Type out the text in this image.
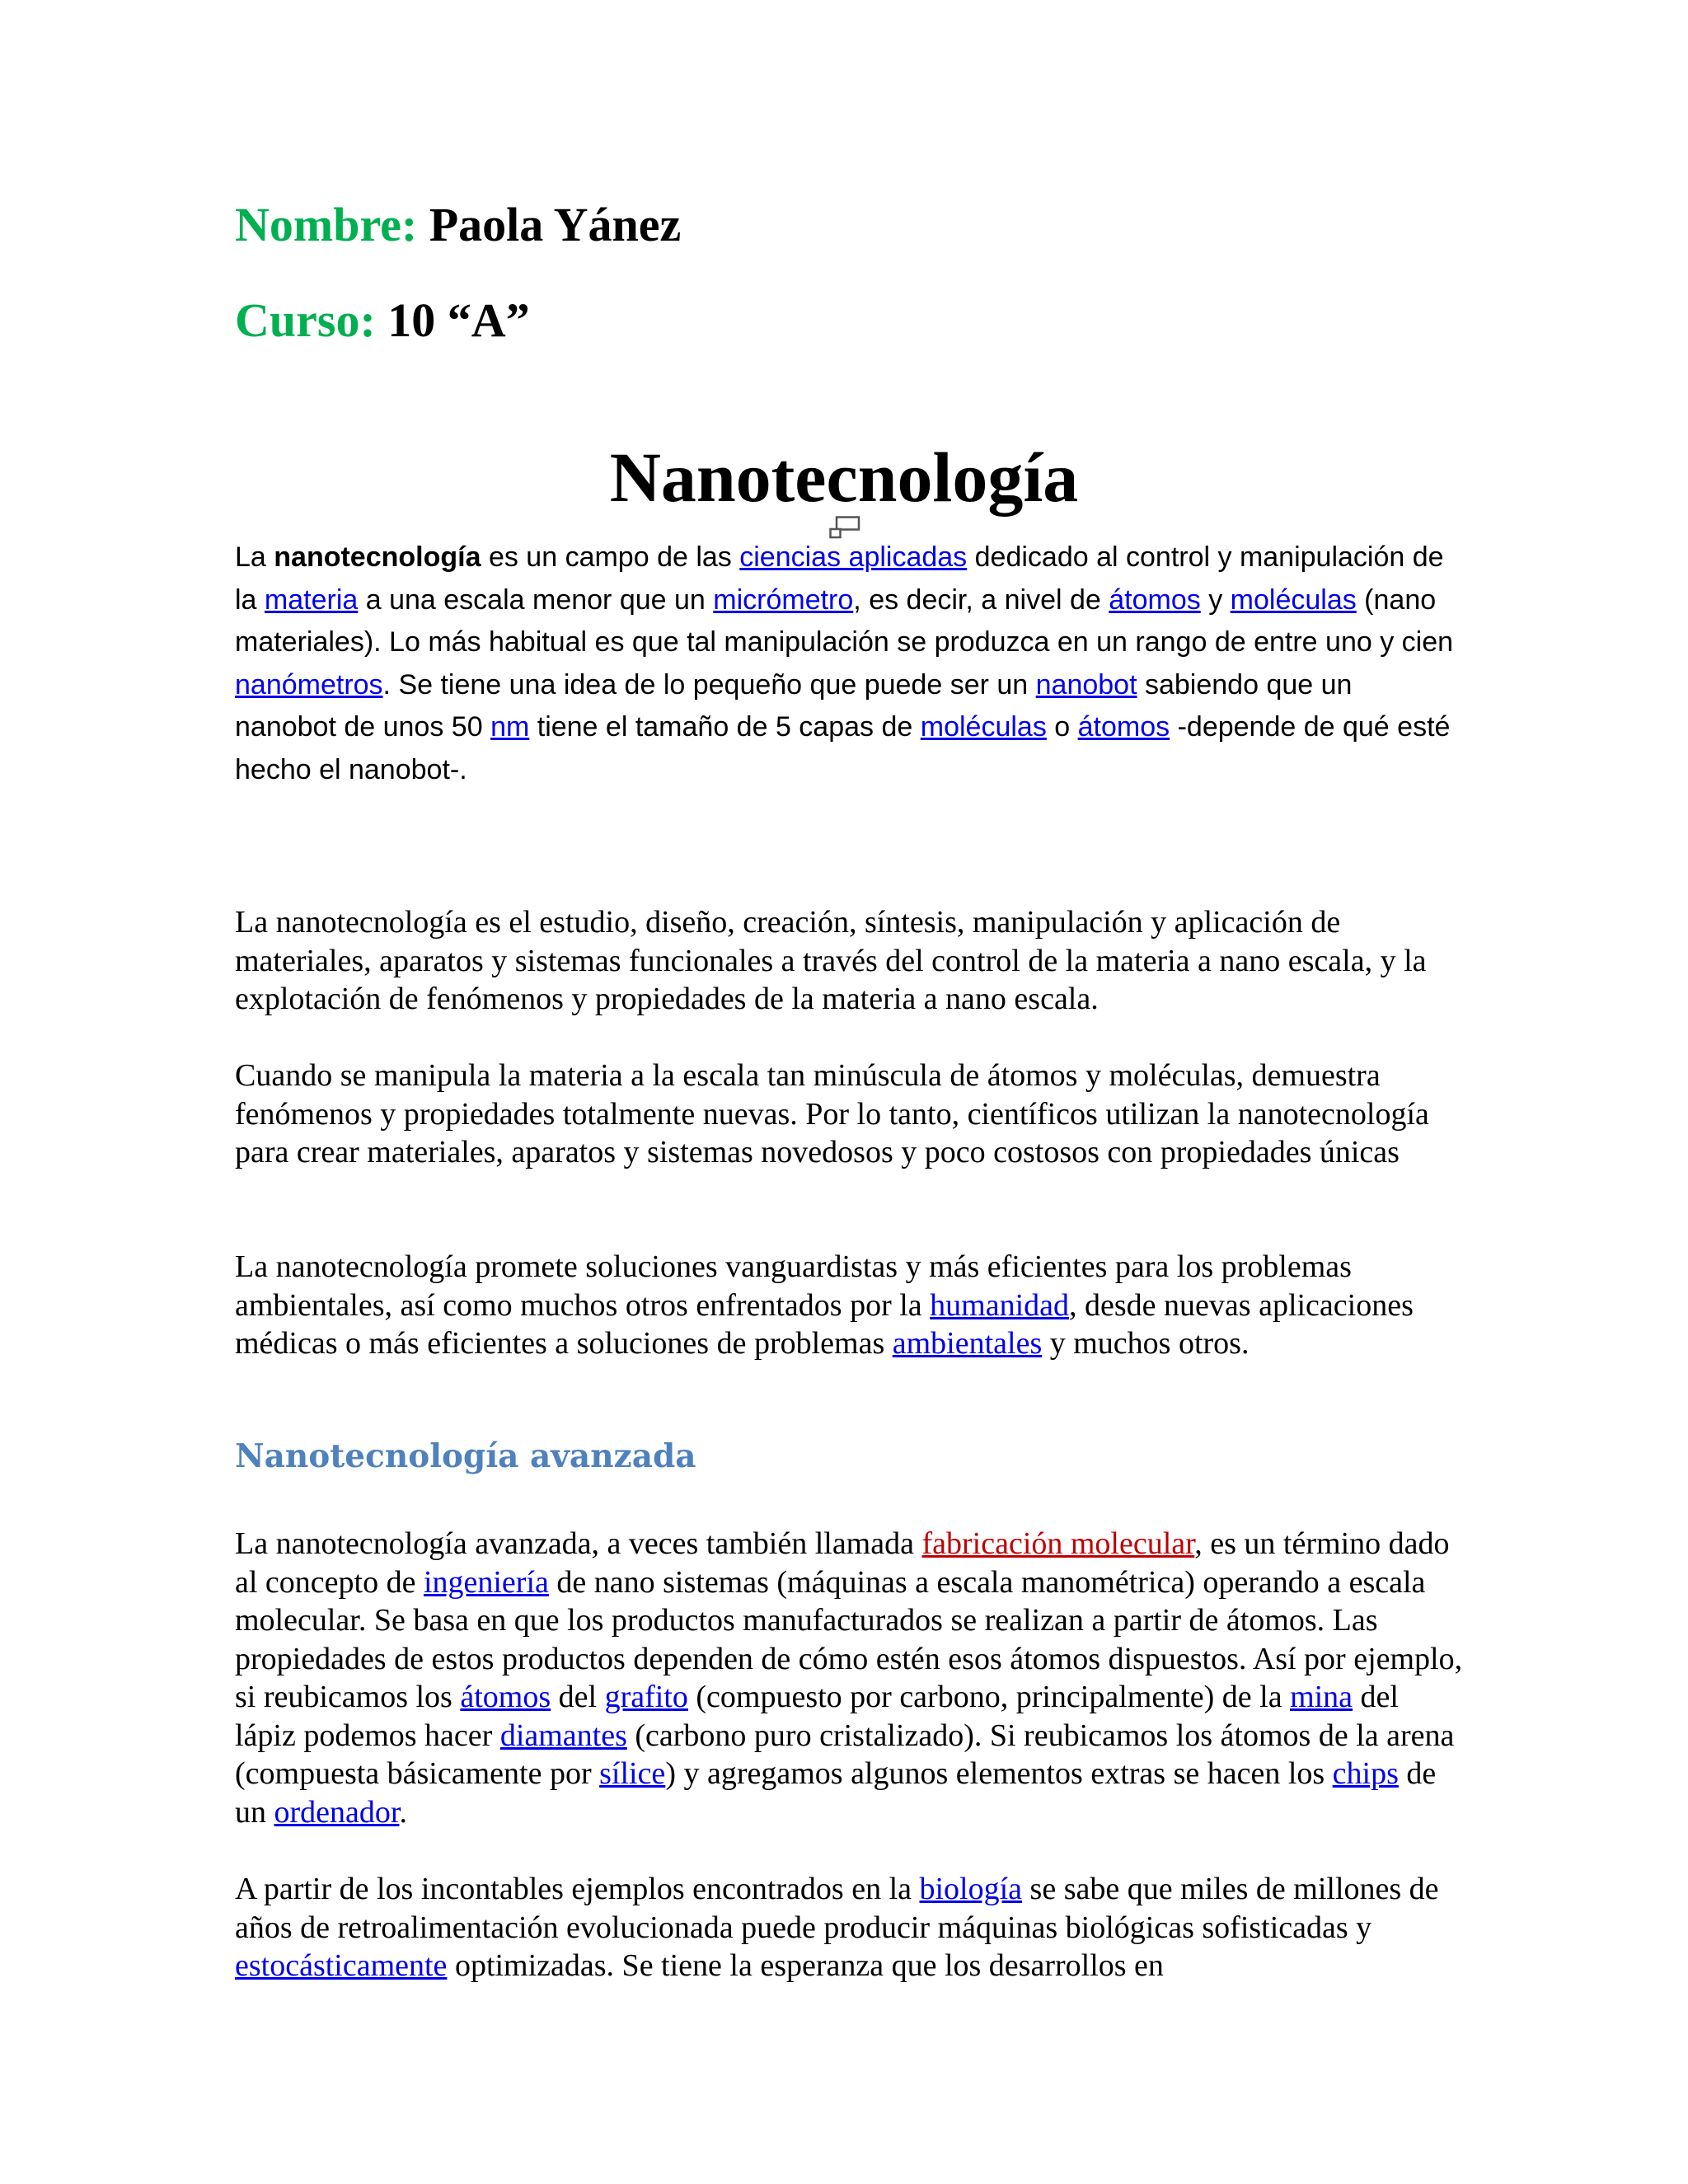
Nombre: Paola Yánez
Curso: 10 “A”
Nanotecnología

La nanotecnología es un campo de las ciencias aplicadas dedicado al control y manipulación de la materia a una escala menor que un micrómetro, es decir, a nivel de átomos y moléculas (nano materiales). Lo más habitual es que tal manipulación se produzca en un rango de entre uno y cien nanómetros. Se tiene una idea de lo pequeño que puede ser un nanobot sabiendo que un nanobot de unos 50 nm tiene el tamaño de 5 capas de moléculas o átomos -depende de qué esté hecho el nanobot-.

La nanotecnología es el estudio, diseño, creación, síntesis, manipulación y aplicación de materiales, aparatos y sistemas funcionales a través del control de la materia a nano escala, y la explotación de fenómenos y propiedades de la materia a nano escala.

Cuando se manipula la materia a la escala tan minúscula de átomos y moléculas, demuestra fenómenos y propiedades totalmente nuevas. Por lo tanto, científicos utilizan la nanotecnología para crear materiales, aparatos y sistemas novedosos y poco costosos con propiedades únicas

La nanotecnología promete soluciones vanguardistas y más eficientes para los problemas ambientales, así como muchos otros enfrentados por la humanidad, desde nuevas aplicaciones médicas o más eficientes a soluciones de problemas ambientales y muchos otros.

Nanotecnología avanzada

La nanotecnología avanzada, a veces también llamada fabricación molecular, es un término dado al concepto de ingeniería de nano sistemas (máquinas a escala manométrica) operando a escala molecular. Se basa en que los productos manufacturados se realizan a partir de átomos. Las propiedades de estos productos dependen de cómo estén esos átomos dispuestos. Así por ejemplo, si reubicamos los átomos del grafito (compuesto por carbono, principalmente) de la mina del lápiz podemos hacer diamantes (carbono puro cristalizado). Si reubicamos los átomos de la arena (compuesta básicamente por sílice) y agregamos algunos elementos extras se hacen los chips de un ordenador.

A partir de los incontables ejemplos encontrados en la biología se sabe que miles de millones de años de retroalimentación evolucionada puede producir máquinas biológicas sofisticadas y estocásticamente optimizadas. Se tiene la esperanza que los desarrollos en
